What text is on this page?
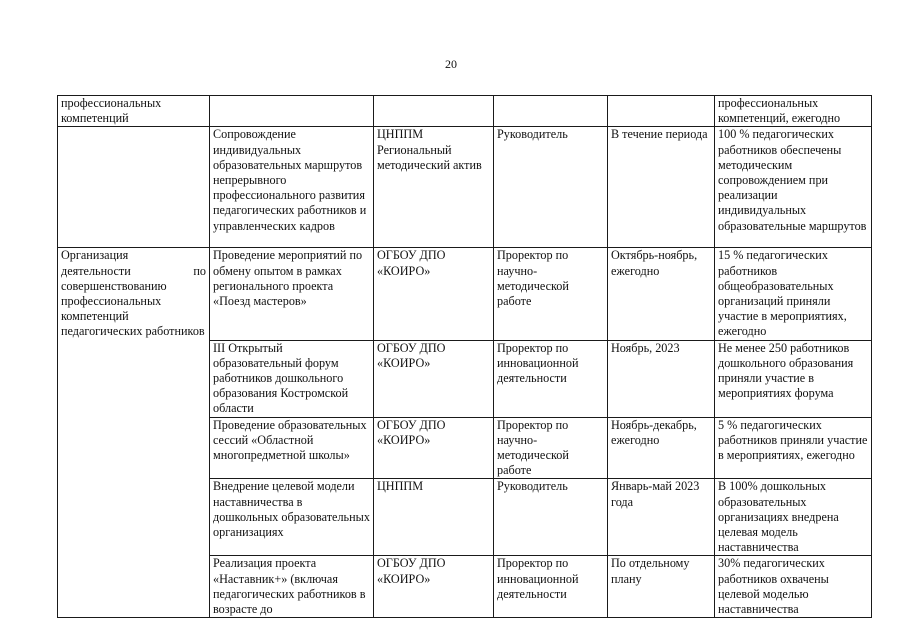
20
профессиональных компетенций					профессиональных компетенций, ежегодно
	Сопровождение индивидуальных образовательных маршрутов непрерывного профессионального развития педагогических работников и управленческих кадров	ЦНППМ Региональный методический актив	Руководитель	В течение периода	100 % педагогических работников обеспечены методическим сопровождением при реализации индивидуальных образовательные маршрутов

Организация
деятельности по
совершенствованию профессиональных компетенций педагогических работников	Проведение мероприятий по обмену опытом в рамках регионального проекта «Поезд мастеров»	ОГБОУ ДПО «КОИРО»	Проректор по научно-методической работе	Октябрь-ноябрь, ежегодно	15 % педагогических работников общеобразовательных организаций приняли участие в мероприятиях, ежегодно
	III Открытый образовательный форум работников дошкольного образования Костромской области	ОГБОУ ДПО «КОИРО»	Проректор по инновационной деятельности	Ноябрь, 2023	Не менее 250 работников дошкольного образования приняли участие в мероприятиях форума
	Проведение образовательных сессий «Областной многопредметной школы»	ОГБОУ ДПО «КОИРО»	Проректор по научно-методической работе	Ноябрь-декабрь, ежегодно	5 % педагогических работников приняли участие в мероприятиях, ежегодно
	Внедрение целевой модели наставничества в дошкольных образовательных организациях	ЦНППМ	Руководитель	Январь-май 2023 года	В 100% дошкольных образовательных организациях внедрена целевая модель наставничества
	Реализация проекта «Наставник+» (включая педагогических работников в возрасте до	ОГБОУ ДПО «КОИРО»	Проректор по инновационной деятельности	По отдельному плану	30% педагогических работников охвачены целевой моделью наставничества
